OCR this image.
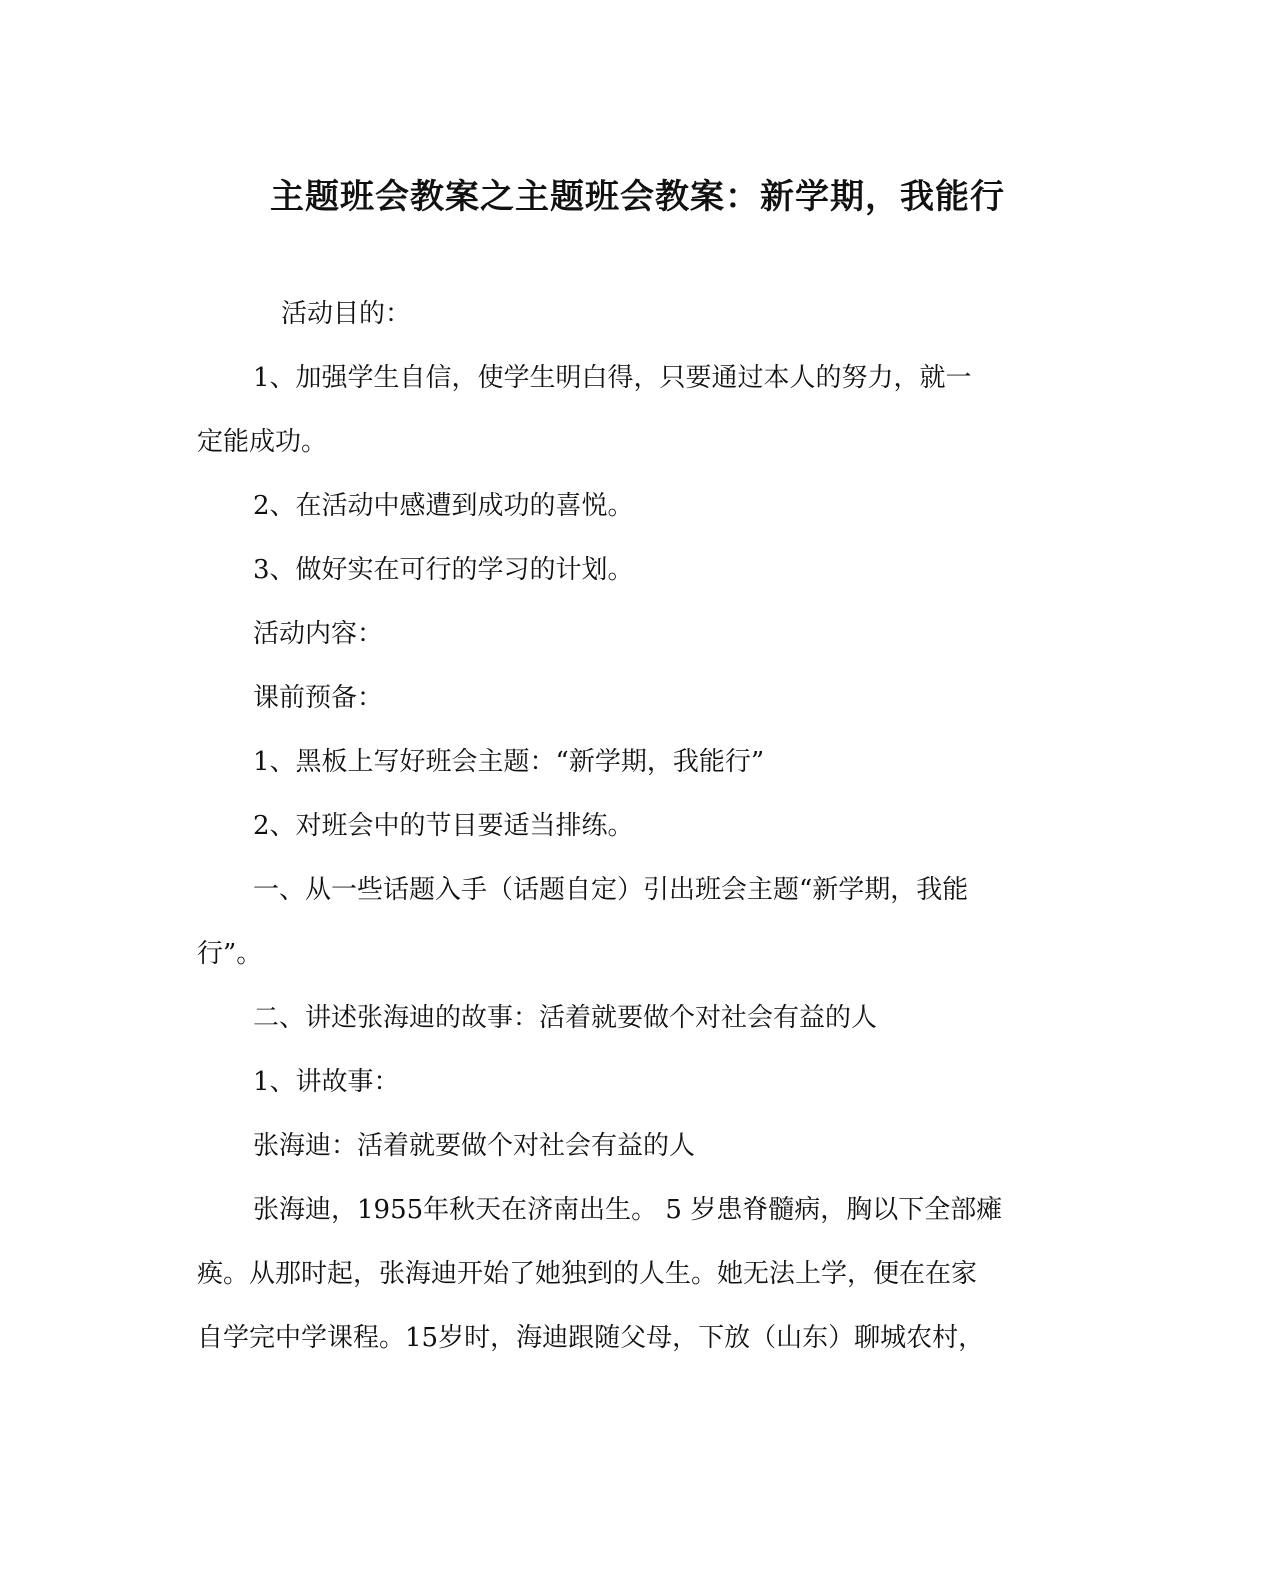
主题班会教案之主题班会教案：新学期，我能行

活动目的：

1、加强学生自信，使学生明白得，只要通过本人的努力，就一
定能成功。

2、在活动中感遭到成功的喜悦。

3、做好实在可行的学习的计划。

活动内容：

课前预备：

1、黑板上写好班会主题：“新学期，我能行”

2、对班会中的节目要适当排练。

一、从一些话题入手（话题自定）引出班会主题“新学期，我能
行”。

二、讲述张海迪的故事：活着就要做个对社会有益的人

1、讲故事：

张海迪：活着就要做个对社会有益的人

张海迪，1955年秋天在济南出生。 5 岁患脊髓病，胸以下全部瘫
痪。从那时起，张海迪开始了她独到的人生。她无法上学，便在在家
自学完中学课程。15岁时，海迪跟随父母，下放（山东）聊城农村，
